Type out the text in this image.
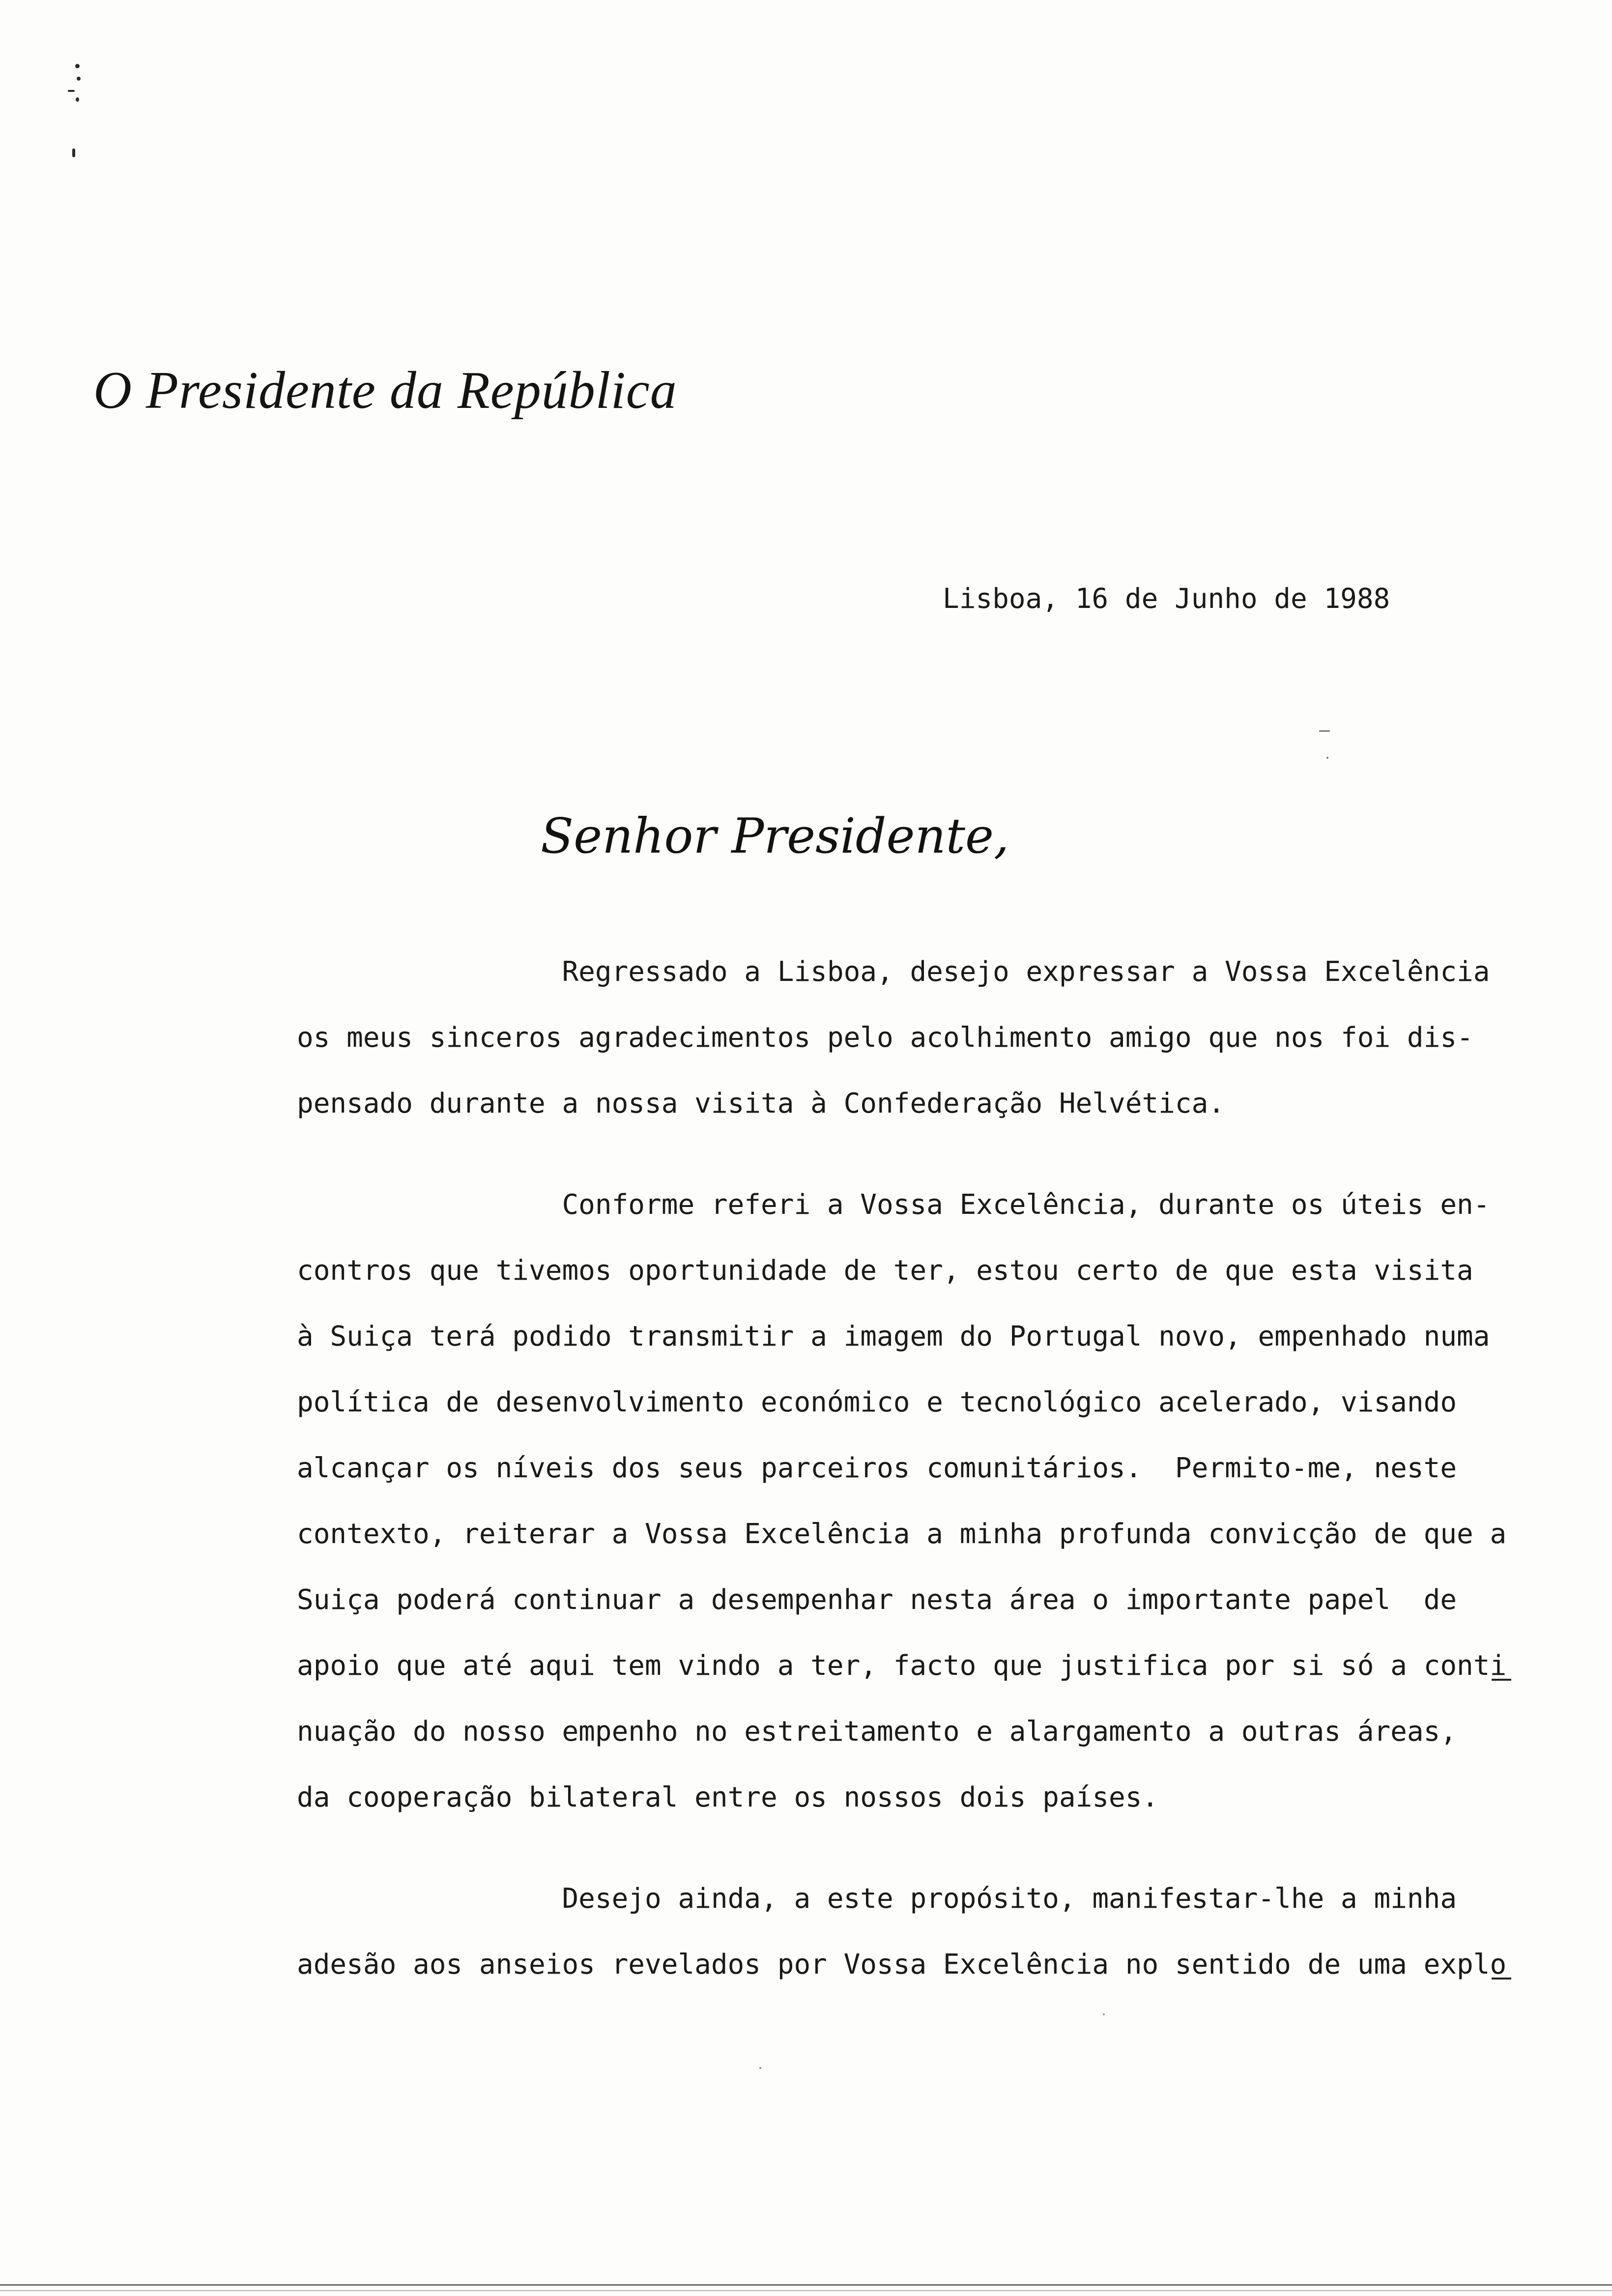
O Presidente da República
Lisboa, 16 de Junho de 1988
Senhor Presidente,
Regressado a Lisboa, desejo expressar a Vossa Excelência
os meus sinceros agradecimentos pelo acolhimento amigo que nos foi dis-
pensado durante a nossa visita à Confederação Helvética.
Conforme referi a Vossa Excelência, durante os úteis en-
contros que tivemos oportunidade de ter, estou certo de que esta visita
à Suiça terá podido transmitir a imagem do Portugal novo, empenhado numa
política de desenvolvimento económico e tecnológico acelerado, visando
alcançar os níveis dos seus parceiros comunitários.  Permito-me, neste
contexto, reiterar a Vossa Excelência a minha profunda convicção de que a
Suiça poderá continuar a desempenhar nesta área o importante papel  de
apoio que até aqui tem vindo a ter, facto que justifica por si só a conti
nuação do nosso empenho no estreitamento e alargamento a outras áreas,
da cooperação bilateral entre os nossos dois países.
Desejo ainda, a este propósito, manifestar-lhe a minha
adesão aos anseios revelados por Vossa Excelência no sentido de uma explo
